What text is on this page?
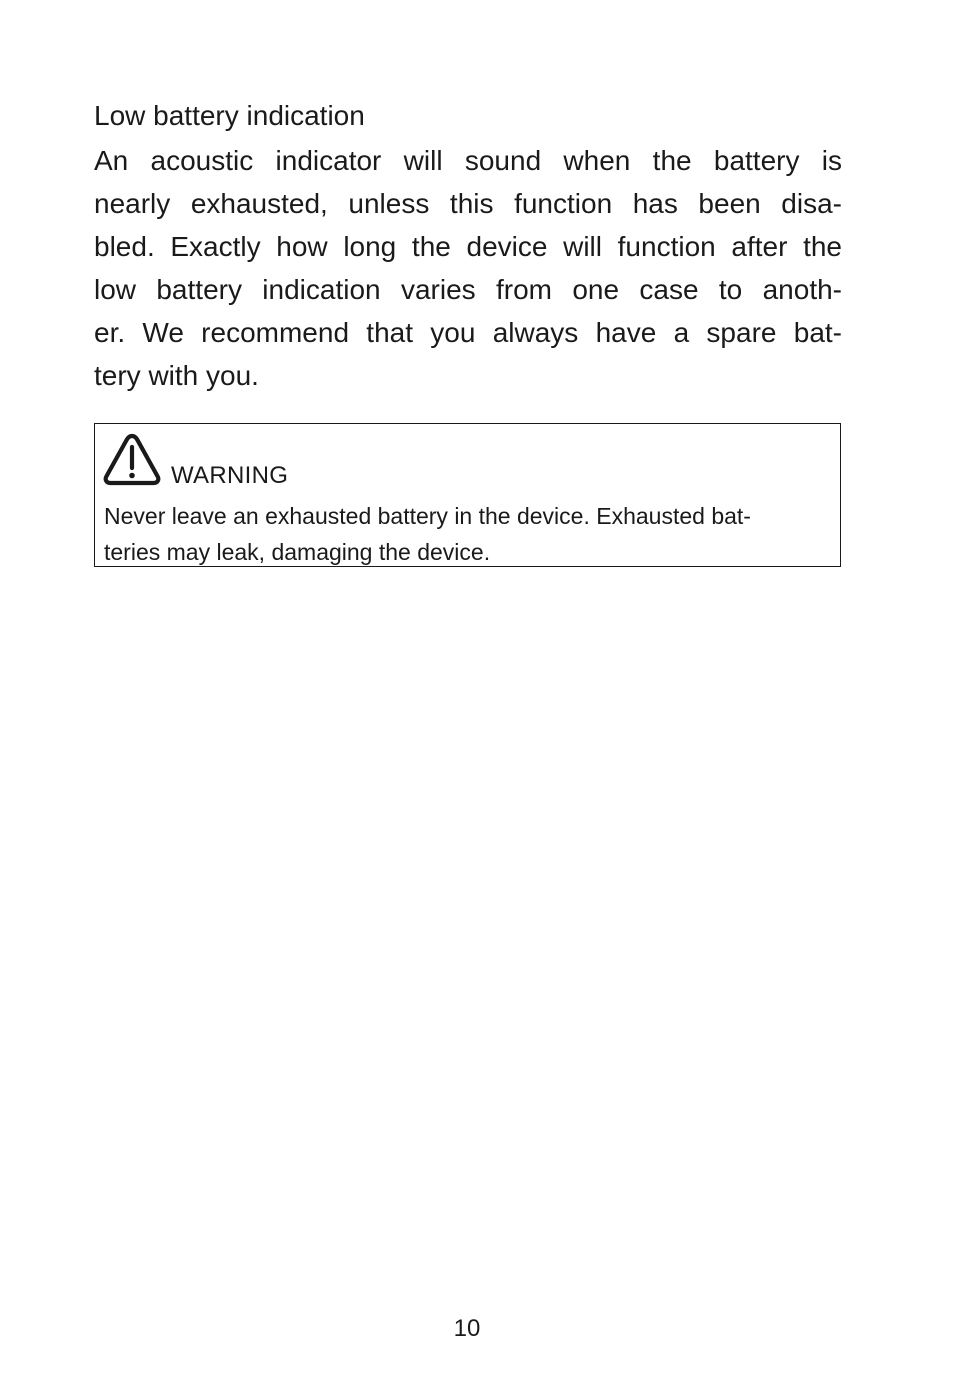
Low battery indication
An acoustic indicator will sound when the battery is
nearly exhausted, unless this function has been disa-
bled. Exactly how long the device will function after the
low battery indication varies from one case to anoth-
er. We recommend that you always have a spare bat-
tery with you.
WARNING
Never leave an exhausted battery in the device. Exhausted bat-
teries may leak, damaging the device.
10
